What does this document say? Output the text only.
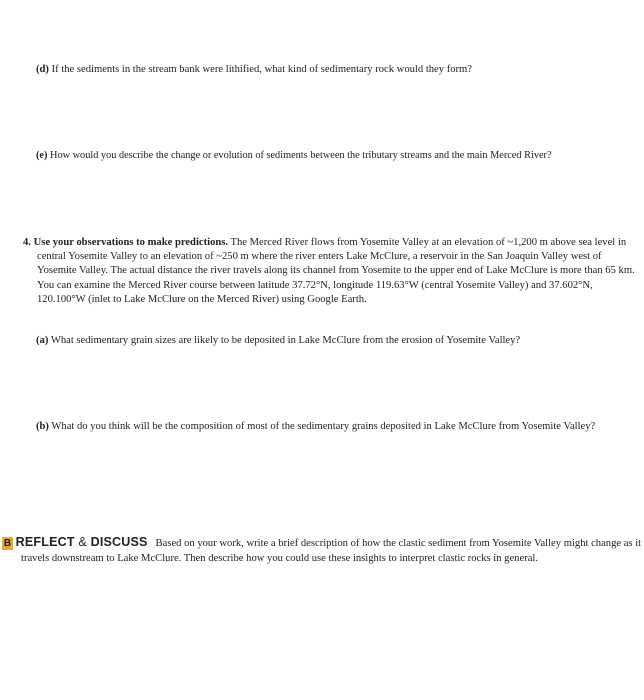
(d) If the sediments in the stream bank were lithified, what kind of sedimentary rock would they form?
(e) How would you describe the change or evolution of sediments between the tributary streams and the main Merced River?
4. Use your observations to make predictions. The Merced River flows from Yosemite Valley at an elevation of ~1,200 m above sea level in central Yosemite Valley to an elevation of ~250 m where the river enters Lake McClure, a reservoir in the San Joaquin Valley west of Yosemite Valley. The actual distance the river travels along its channel from Yosemite to the upper end of Lake McClure is more than 65 km. You can examine the Merced River course between latitude 37.72°N, longitude 119.63°W (central Yosemite Valley) and 37.602°N, 120.100°W (inlet to Lake McClure on the Merced River) using Google Earth.
(a) What sedimentary grain sizes are likely to be deposited in Lake McClure from the erosion of Yosemite Valley?
(b) What do you think will be the composition of most of the sedimentary grains deposited in Lake McClure from Yosemite Valley?
B REFLECT & DISCUSS Based on your work, write a brief description of how the clastic sediment from Yosemite Valley might change as it travels downstream to Lake McClure. Then describe how you could use these insights to interpret clastic rocks in general.
